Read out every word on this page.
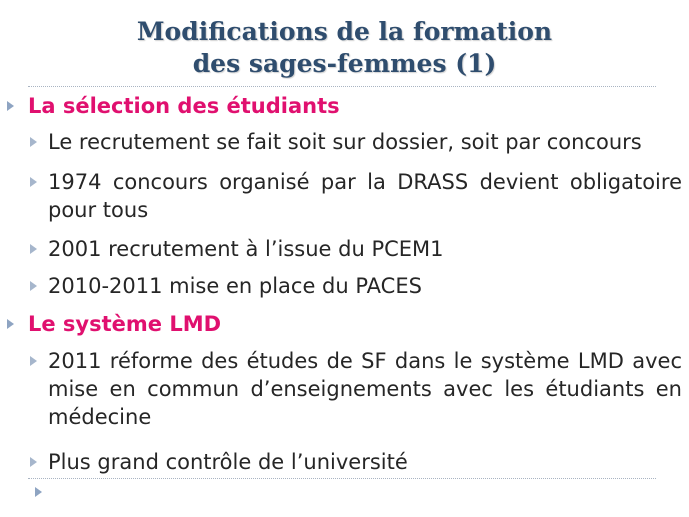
Modifications de la formation
des sages-femmes (1)
La sélection des étudiants
Le recrutement se fait soit sur dossier, soit par concours
1974 concours organisé par la DRASS devient obligatoire pour tous
2001 recrutement à l’issue du PCEM1
2010-2011 mise en place du PACES
Le système LMD
2011 réforme des études de SF dans le système LMD avec mise en commun d’enseignements avec les étudiants en médecine
Plus grand contrôle de l’université
